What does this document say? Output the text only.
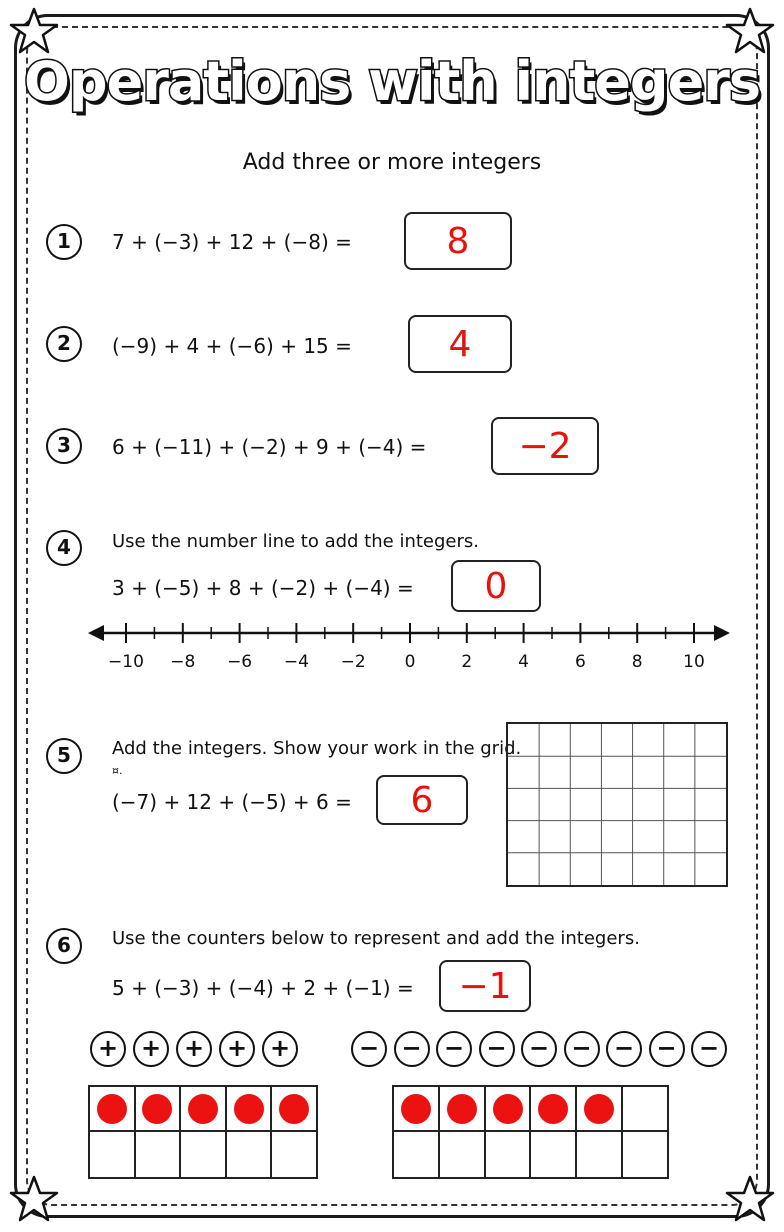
Operations with integers
Add three or more integers
1	7 + (−3) + 12 + (−8) =	8
2	(−9) + 4 + (−6) + 15 =	4
3	6 + (−11) + (−2) + 9 + (−4) =	−2
4	Use the number line to add the integers.
3 + (−5) + 8 + (−2) + (−4) =	0
−10	−8	−6	−4	−2	0	2	4	6	8	10
5	Add the integers. Show your work in the grid.
¤.
(−7) + 12 + (−5) + 6 =	6
6	Use the counters below to represent and add the integers.
5 + (−3) + (−4) + 2 + (−1) =	−1
+ + + + +	− − − − − − − − −
